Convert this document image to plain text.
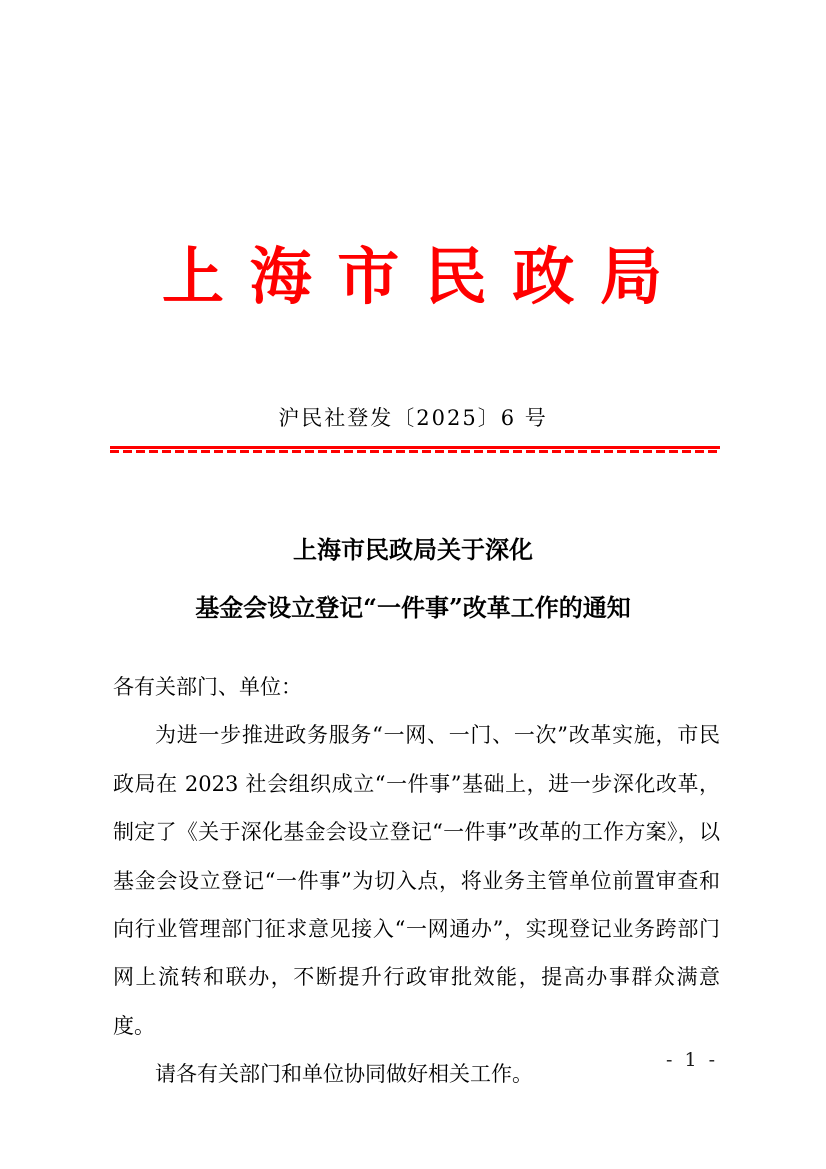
上 海 市 民 政 局
沪民社登发〔2025〕6 号
上海市民政局关于深化
基金会设立登记“一件事”改革工作的通知

各有关部门、单位：

为进一步推进政务服务“一网、一门、一次”改革实施，市民政局在 2023 社会组织成立“一件事”基础上，进一步深化改革，制定了《关于深化基金会设立登记“一件事”改革的工作方案》，以基金会设立登记“一件事”为切入点，将业务主管单位前置审查和向行业管理部门征求意见接入“一网通办”，实现登记业务跨部门网上流转和联办，不断提升行政审批效能，提高办事群众满意度。

请各有关部门和单位协同做好相关工作。

- 1 -
